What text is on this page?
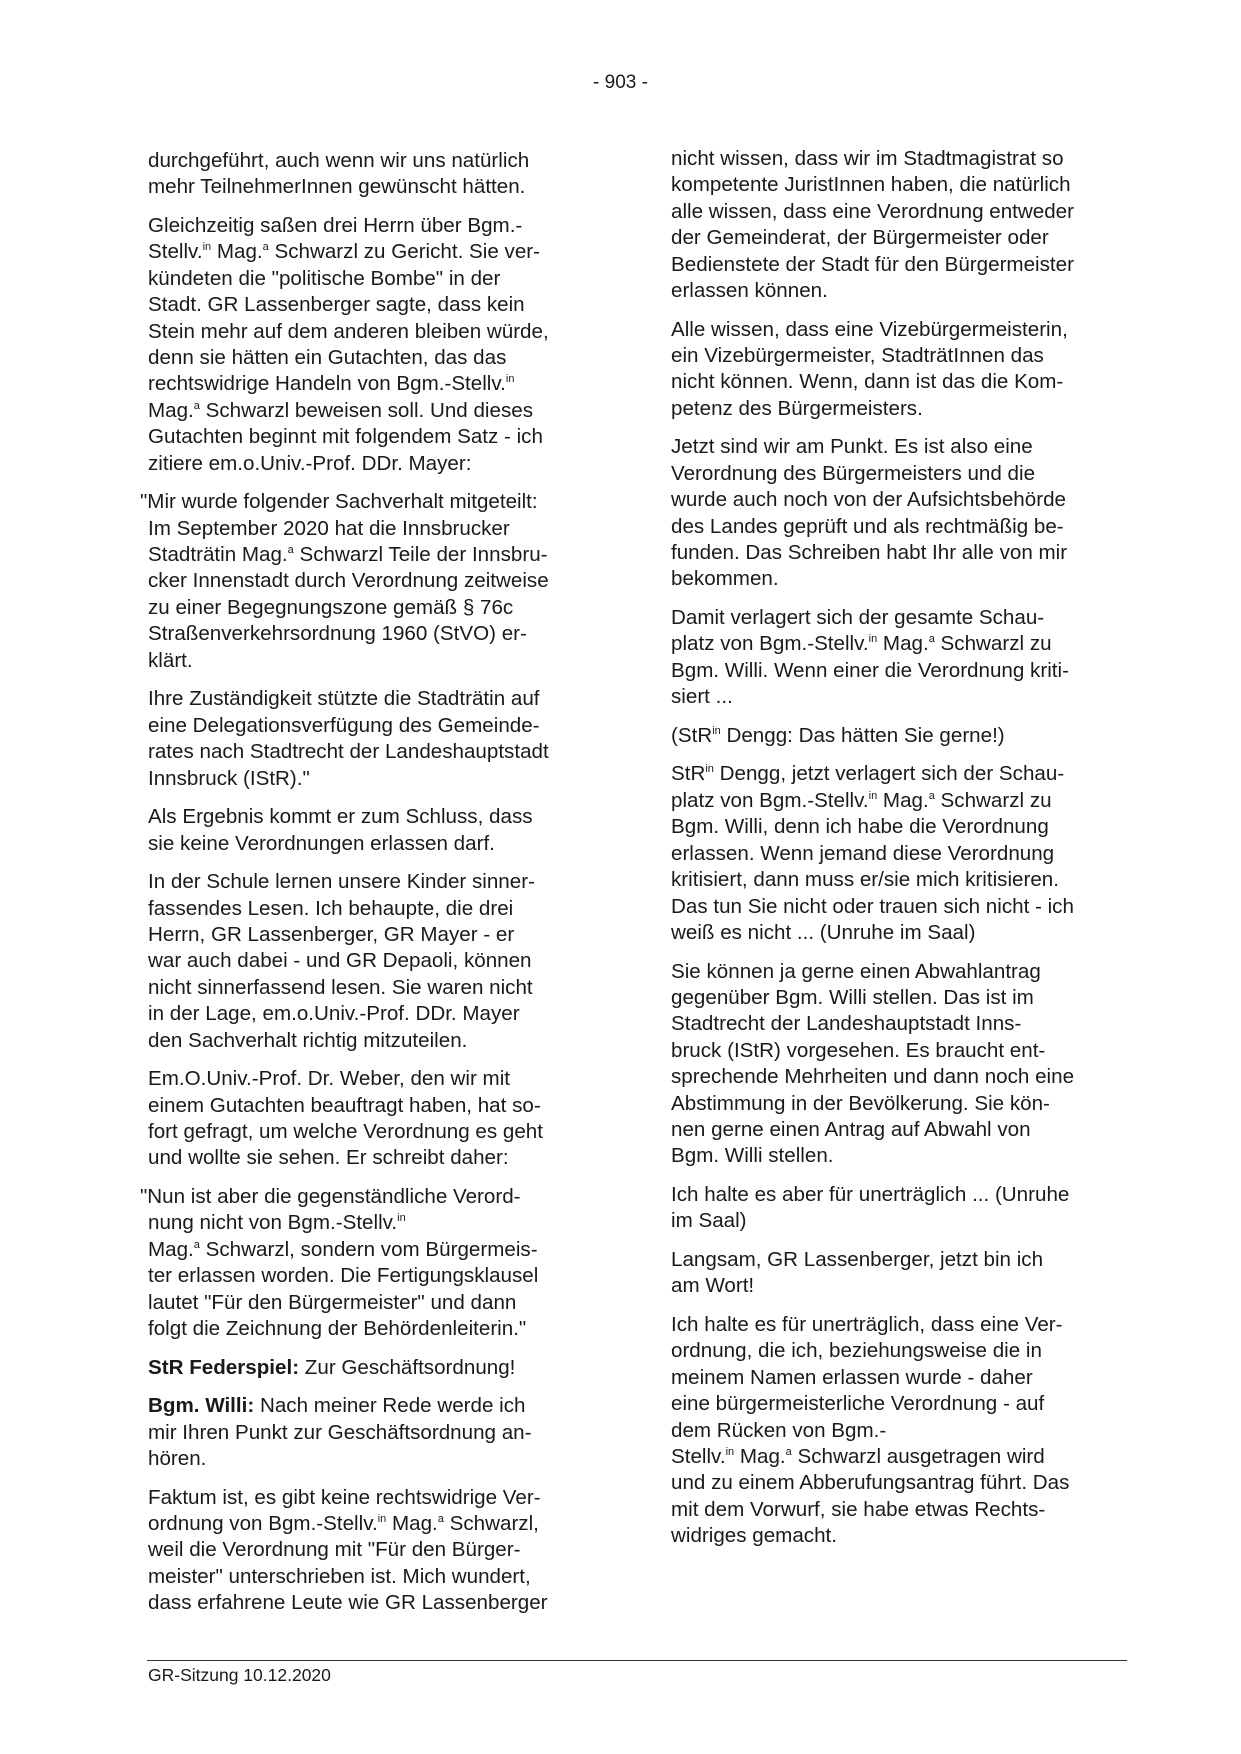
- 903 -

durchgeführt, auch wenn wir uns natürlich
mehr TeilnehmerInnen gewünscht hätten.

Gleichzeitig saßen drei Herrn über Bgm.-
Stellv.$^{in}$ Mag.$^a$ Schwarzl zu Gericht. Sie ver-
kündeten die "politische Bombe" in der
Stadt. GR Lassenberger sagte, dass kein
Stein mehr auf dem anderen bleiben würde,
denn sie hätten ein Gutachten, das das
rechtswidrige Handeln von Bgm.-Stellv.$^{in}$
Mag.$^a$ Schwarzl beweisen soll. Und dieses
Gutachten beginnt mit folgendem Satz - ich
zitiere em.o.Univ.-Prof. DDr. Mayer:

"Mir wurde folgender Sachverhalt mitgeteilt:
Im September 2020 hat die Innsbrucker
Stadträtin Mag.$^a$ Schwarzl Teile der Innsbru-
cker Innenstadt durch Verordnung zeitweise
zu einer Begegnungszone gemäß § 76c
Straßenverkehrsordnung 1960 (StVO) er-
klärt.

Ihre Zuständigkeit stützte die Stadträtin auf
eine Delegationsverfügung des Gemeinde-
rates nach Stadtrecht der Landeshauptstadt
Innsbruck (IStR)."

Als Ergebnis kommt er zum Schluss, dass
sie keine Verordnungen erlassen darf.

In der Schule lernen unsere Kinder sinner-
fassendes Lesen. Ich behaupte, die drei
Herrn, GR Lassenberger, GR Mayer - er
war auch dabei - und GR Depaoli, können
nicht sinnerfassend lesen. Sie waren nicht
in der Lage, em.o.Univ.-Prof. DDr. Mayer
den Sachverhalt richtig mitzuteilen.

Em.O.Univ.-Prof. Dr. Weber, den wir mit
einem Gutachten beauftragt haben, hat so-
fort gefragt, um welche Verordnung es geht
und wollte sie sehen. Er schreibt daher:

"Nun ist aber die gegenständliche Verord-
nung nicht von Bgm.-Stellv.$^{in}$
Mag.$^a$ Schwarzl, sondern vom Bürgermeis-
ter erlassen worden. Die Fertigungsklausel
lautet "Für den Bürgermeister" und dann
folgt die Zeichnung der Behördenleiterin."

StR Federspiel: Zur Geschäftsordnung!

Bgm. Willi: Nach meiner Rede werde ich
mir Ihren Punkt zur Geschäftsordnung an-
hören.

Faktum ist, es gibt keine rechtswidrige Ver-
ordnung von Bgm.-Stellv.$^{in}$ Mag.$^a$ Schwarzl,
weil die Verordnung mit "Für den Bürger-
meister" unterschrieben ist. Mich wundert,
dass erfahrene Leute wie GR Lassenberger

nicht wissen, dass wir im Stadtmagistrat so
kompetente JuristInnen haben, die natürlich
alle wissen, dass eine Verordnung entweder
der Gemeinderat, der Bürgermeister oder
Bedienstete der Stadt für den Bürgermeister
erlassen können.

Alle wissen, dass eine Vizebürgermeisterin,
ein Vizebürgermeister, StadträtInnen das
nicht können. Wenn, dann ist das die Kom-
petenz des Bürgermeisters.

Jetzt sind wir am Punkt. Es ist also eine
Verordnung des Bürgermeisters und die
wurde auch noch von der Aufsichtsbehörde
des Landes geprüft und als rechtmäßig be-
funden. Das Schreiben habt Ihr alle von mir
bekommen.

Damit verlagert sich der gesamte Schau-
platz von Bgm.-Stellv.$^{in}$ Mag.$^a$ Schwarzl zu
Bgm. Willi. Wenn einer die Verordnung kriti-
siert ...

(StR$^{in}$ Dengg: Das hätten Sie gerne!)

StR$^{in}$ Dengg, jetzt verlagert sich der Schau-
platz von Bgm.-Stellv.$^{in}$ Mag.$^a$ Schwarzl zu
Bgm. Willi, denn ich habe die Verordnung
erlassen. Wenn jemand diese Verordnung
kritisiert, dann muss er/sie mich kritisieren.
Das tun Sie nicht oder trauen sich nicht - ich
weiß es nicht ... (Unruhe im Saal)

Sie können ja gerne einen Abwahlantrag
gegenüber Bgm. Willi stellen. Das ist im
Stadtrecht der Landeshauptstadt Inns-
bruck (IStR) vorgesehen. Es braucht ent-
sprechende Mehrheiten und dann noch eine
Abstimmung in der Bevölkerung. Sie kön-
nen gerne einen Antrag auf Abwahl von
Bgm. Willi stellen.

Ich halte es aber für unerträglich ... (Unruhe
im Saal)

Langsam, GR Lassenberger, jetzt bin ich
am Wort!

Ich halte es für unerträglich, dass eine Ver-
ordnung, die ich, beziehungsweise die in
meinem Namen erlassen wurde - daher
eine bürgermeisterliche Verordnung - auf
dem Rücken von Bgm.-
Stellv.$^{in}$ Mag.$^a$ Schwarzl ausgetragen wird
und zu einem Abberufungsantrag führt. Das
mit dem Vorwurf, sie habe etwas Rechts-
widriges gemacht.

GR-Sitzung 10.12.2020
